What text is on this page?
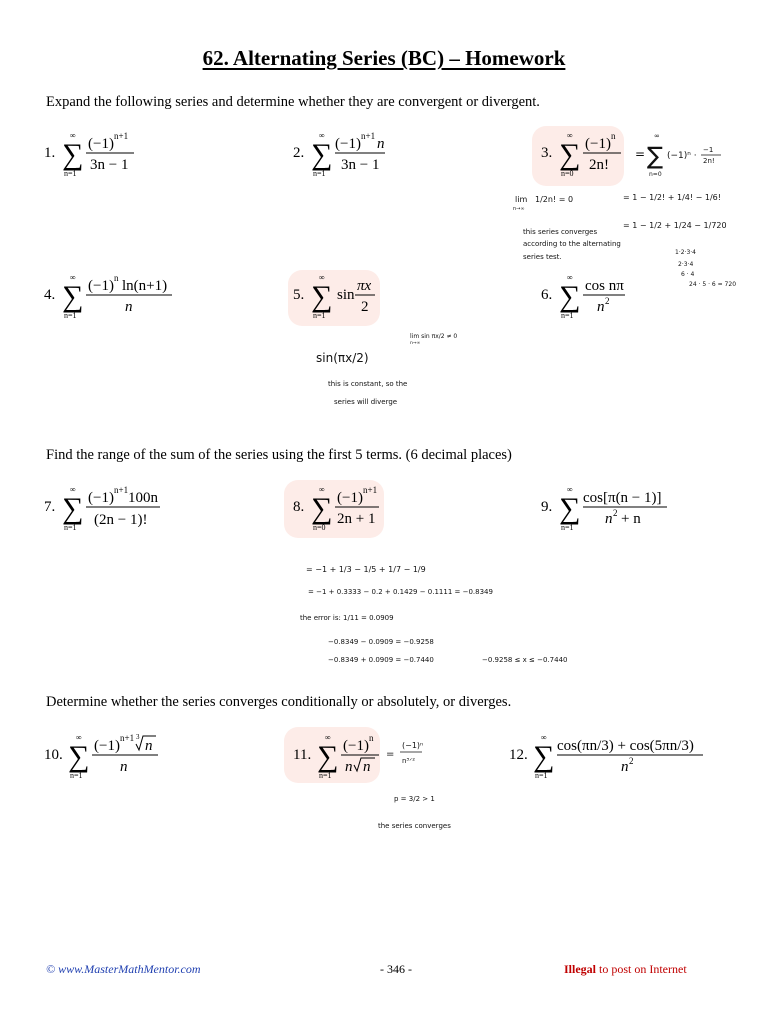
62. Alternating Series (BC) – Homework
Expand the following series and determine whether they are convergent or divergent.
Find the range of the sum of the series using the first 5 terms. (6 decimal places)
Determine whether the series converges conditionally or absolutely, or diverges.
1.
∞
∑
n=1
(−1) n+1
3n − 1
2.
∞
∑
n=1
(−1) n+1 n
3n − 1
3.
∞
∑
n=0
(−1) n
2n!
4.
∞
∑
n=1
(−1) n ln(n+1)
n
5.
∞
∑
n=1
sin
πx
2
6.
∞
∑
n=1
cos nπ
n 2
7.
∞
∑
n=1
(−1) n+1 100n
(2n − 1)!
8.
∞
∑
n=0
(−1) n+1
2n + 1
9.
∞
∑
n=1
cos[π(n − 1)]
n 2 + n
10.
∞
∑
n=1
(−1) n+1 3
n
n
11.
∞
∑
n=1
(−1) n
n n
12.
∞
∑
n=1
cos(πn/3) + cos(5πn/3)
n 2
=
∞
∑
n=0
(−1)ⁿ ·
−1
2n!
lim
n→∞
1/2n! = 0	= 1 − 1/2! + 1/4! − 1/6!
= 1 − 1/2 + 1/24 − 1/720
this series converges
according to the alternating
series test.
1·2·3·4
2·3·4
6 · 4
24 · 5 · 6 = 720
lim sin πx/2 ≠ 0
n→∞
sin(πx/2)
this is constant, so the
series will diverge
= −1 + 1/3 − 1/5 + 1/7 − 1/9
= −1 + 0.3333 − 0.2 + 0.1429 − 0.1111 = −0.8349
the error is: 1/11 = 0.0909
−0.8349 − 0.0909 = −0.9258
−0.8349 + 0.0909 = −0.7440	−0.9258 ≤ x ≤ −0.7440
=
(−1)ⁿ
n³ᐟ²
p = 3/2 > 1
the series converges
© www.MasterMathMentor.com	- 346 -	Illegal to post on Internet
